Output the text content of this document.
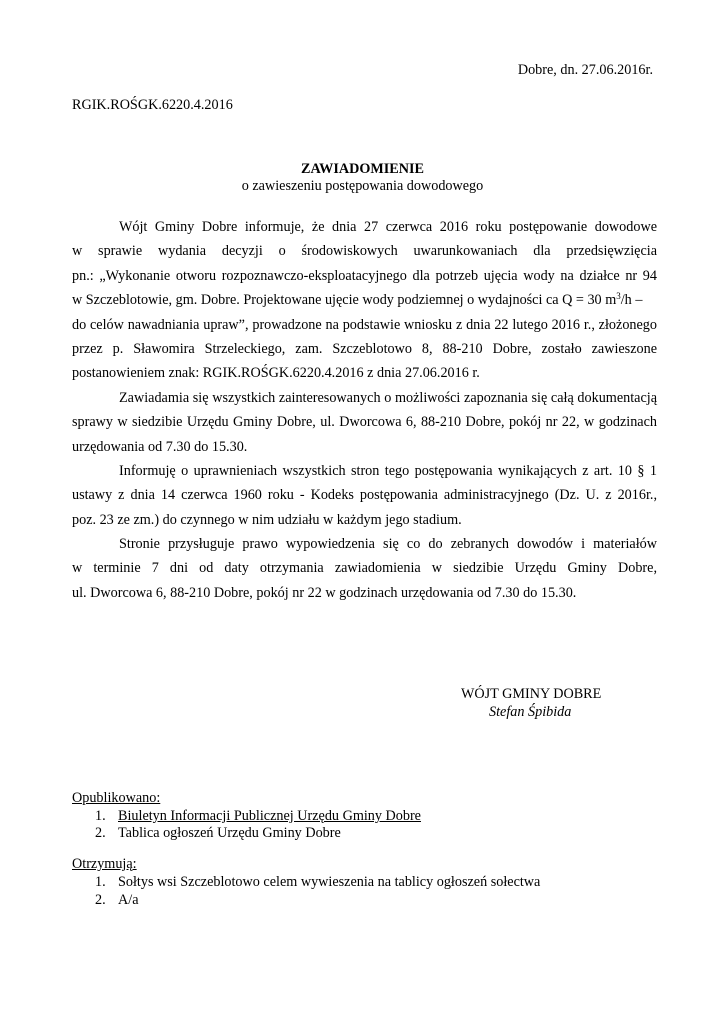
Dobre, dn. 27.06.2016r.
RGIK.ROŚGK.6220.4.2016
ZAWIADOMIENIE
o zawieszeniu postępowania dowodowego
Wójt Gminy Dobre informuje, że dnia 27 czerwca 2016 roku postępowanie dowodowe
w sprawie wydania decyzji o środowiskowych uwarunkowaniach dla przedsięwzięcia
pn.: „Wykonanie otworu rozpoznawczo-eksploatacyjnego dla potrzeb ujęcia wody na działce nr 94
w Szczeblotowie, gm. Dobre. Projektowane ujęcie wody podziemnej o wydajności ca Q = 30 $m^3/h$ –
do celów nawadniania upraw”, prowadzone na podstawie wniosku z dnia 22 lutego 2016 r., złożonego
przez p. Sławomira Strzeleckiego, zam. Szczeblotowo 8, 88-210 Dobre, zostało zawieszone
postanowieniem znak: RGIK.ROŚGK.6220.4.2016 z dnia 27.06.2016 r.
Zawiadamia się wszystkich zainteresowanych o możliwości zapoznania się całą dokumentacją
sprawy w siedzibie Urzędu Gminy Dobre, ul. Dworcowa 6, 88-210 Dobre, pokój nr 22, w godzinach
urzędowania od 7.30 do 15.30.
Informuję o uprawnieniach wszystkich stron tego postępowania wynikających z art. 10 § 1
ustawy z dnia 14 czerwca 1960 roku - Kodeks postępowania administracyjnego (Dz. U. z 2016r.,
poz. 23 ze zm.) do czynnego w nim udziału w każdym jego stadium.
Stronie przysługuje prawo wypowiedzenia się co do zebranych dowodów i materiałów
w terminie 7 dni od daty otrzymania zawiadomienia w siedzibie Urzędu Gminy Dobre,
ul. Dworcowa 6, 88-210 Dobre, pokój nr 22 w godzinach urzędowania od 7.30 do 15.30.
WÓJT GMINY DOBRE
Stefan Śpibida
Opublikowano:
1. Biuletyn Informacji Publicznej Urzędu Gminy Dobre
2. Tablica ogłoszeń Urzędu Gminy Dobre
Otrzymują:
1. Sołtys wsi Szczeblotowo celem wywieszenia na tablicy ogłoszeń sołectwa
2. A/a
